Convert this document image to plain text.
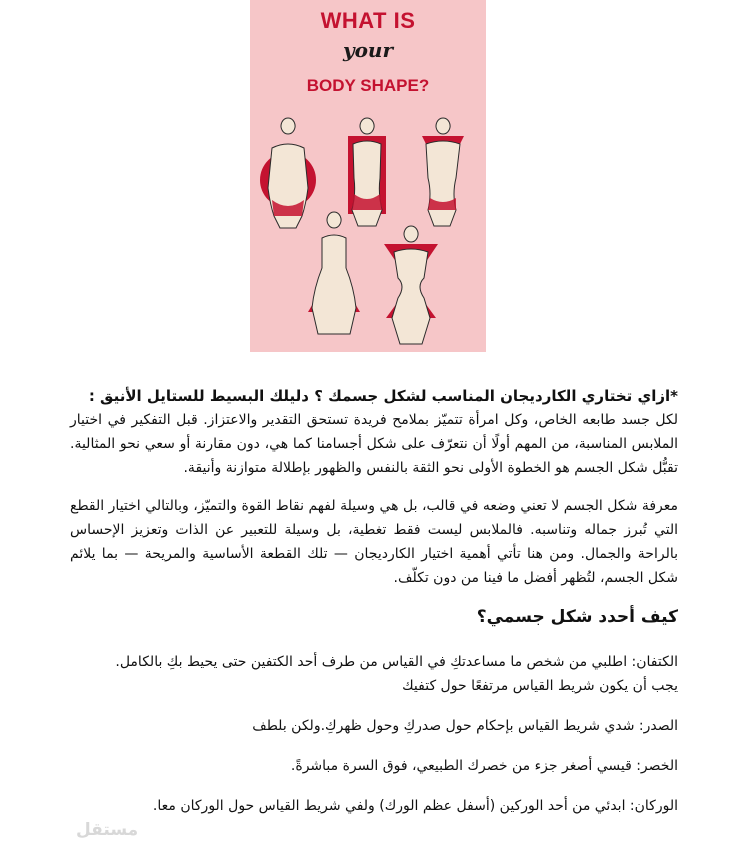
WHAT IS
your
BODY SHAPE?

*ازاي تختاري الكارديجان المناسب لشكل جسمك ؟ دليلك البسيط للستايل الأنيق :

لكل جسد طابعه الخاص، وكل امرأة تتميّز بملامح فريدة تستحق التقدير والاعتزاز. قبل التفكير في اختيار الملابس المناسبة، من المهم أولًا أن نتعرّف على شكل أجسامنا كما هي، دون مقارنة أو سعي نحو المثالية. تقبُّل شكل الجسم هو الخطوة الأولى نحو الثقة بالنفس والظهور بإطلالة متوازنة وأنيقة.

معرفة شكل الجسم لا تعني وضعه في قالب، بل هي وسيلة لفهم نقاط القوة والتميّز، وبالتالي اختيار القطع التي تُبرز جماله وتناسبه. فالملابس ليست فقط تغطية، بل وسيلة للتعبير عن الذات وتعزيز الإحساس بالراحة والجمال. ومن هنا تأتي أهمية اختيار الكارديجان — تلك القطعة الأساسية والمريحة — بما يلائم شكل الجسم، لتُظهر أفضل ما فينا من دون تكلّف.

كيف أحدد شكل جسمي؟

الكتفان: اطلبي من شخص ما مساعدتكِ في القياس من طرف أحد الكتفين حتى يحيط بكِ بالكامل.

يجب أن يكون شريط القياس مرتفعًا حول كتفيك

الصدر: شدي شريط القياس بإحكام حول صدركِ وحول ظهركِ.ولكن بلطف

الخصر: قيسي أصغر جزء من خصرك الطبيعي، فوق السرة مباشرةً.

الوركان: ابدئي من أحد الوركين (أسفل عظم الورك) ولفي شريط القياس حول الوركان معا.

مستقل
